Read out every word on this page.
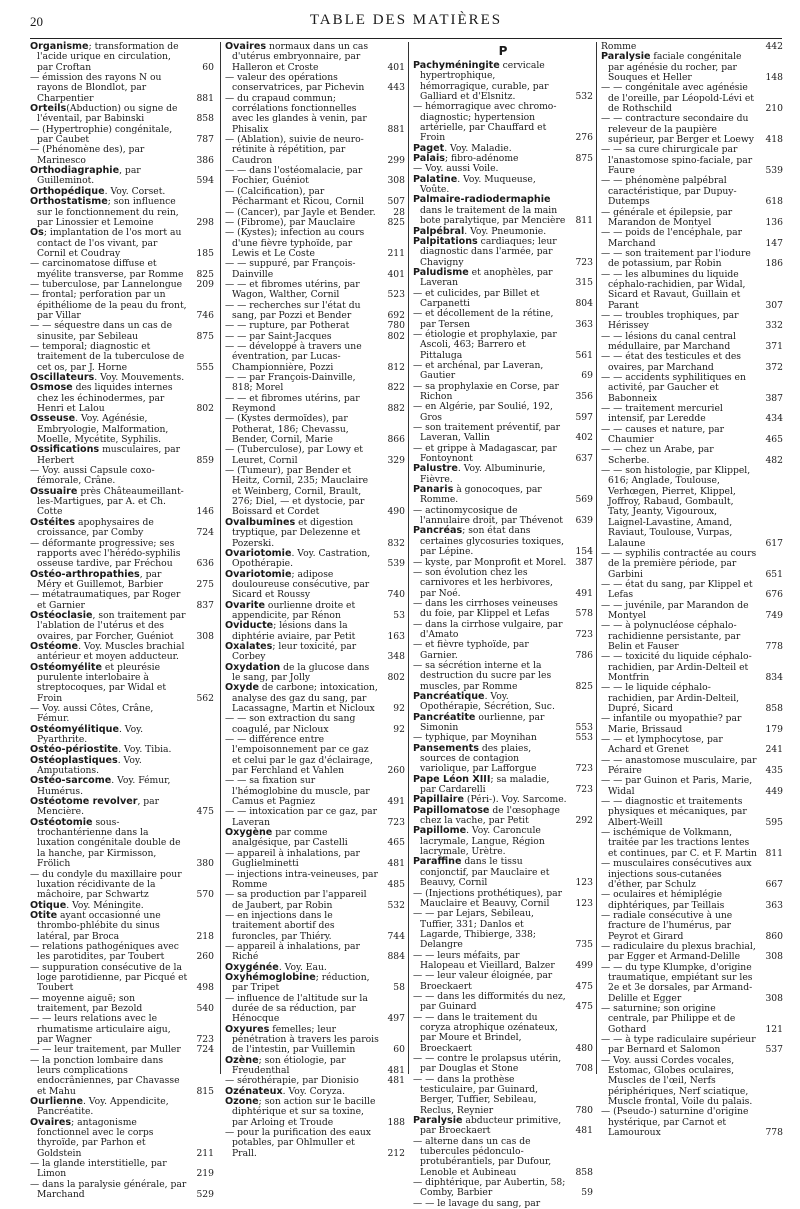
20	TABLE DES MATIÈRES
Organisme; transformation de l'acide urique en circulation, par Croftan	60
— émission des rayons N ou rayons de Blondlot, par Charpentier	881
Orteils(Abduction) ou signe de l'éventail, par Babinski	858
— (Hypertrophie) congénitale, par Caubet	787
— (Phénomène des), par Marinesco	386
Orthodiagraphie, par Guilleminot.	594
Orthopédique. Voy. Corset.
Orthostatisme; son influence sur le fonctionnement du rein, par Linossier et Lemoine	298
Os; implantation de l'os mort au contact de l'os vivant, par Cornil et Coudray	185
— carcinomatose diffuse et myélite transverse, par Romme 825
— tuberculose, par Lannelongue 209
— frontal; perforation par un épithéliome de la peau du front, par Villar	746
— — séquestre dans un cas de sinusite, par Sebileau	875
— temporal; diagnostic et traitement de la tuberculose de cet os, par J. Horne	555
Oscillateurs. Voy. Mouvements.
Osmose des liquides internes chez les échinodermes, par Henri et Lalou	802
Osseuse. Voy. Agénésie, Embryologie, Malformation, Moelle, Mycétite, Syphilis.
Ossifications musculaires, par Herbert	859
— Voy. aussi Capsule coxo-fémorale, Crâne.
Ossuaire près Châteaumeillant-les-Martigues, par A. et Ch. Cotte	146
Ostéites apophysaires de croissance, par Comby	724
— déformante progressive; ses rapports avec l'hérédo-syphilis osseuse tardive, par Fréchou	636
Ostéo-arthropathies, par Méry et Guillemot, Barbier	275
— métatraumatiques, par Roger et Garnier	837
Ostéoclasie, son traitement par l'ablation de l'utérus et des ovaires, par Forcher, Guéniot 308
Ostéome. Voy. Muscles brachial antérieur et moyen adducteur.
Ostéomyélite et pleurésie purulente interlobaire à streptocoques, par Widal et Froin	562
— Voy. aussi Côtes, Crâne, Fémur.
Ostéomyélitique. Voy. Pyarthrite.
Ostéo-périostite. Voy. Tibia.
Ostéoplastiques. Voy. Amputations.
Ostéo-sarcome. Voy. Fémur, Humérus.
Ostéotome revolver, par Mencière.	475
Ostéotomie sous-trochantérienne dans la luxation congénitale double de la hanche, par Kirmisson, Frölich	380
— du condyle du maxillaire pour luxation récidivante de la mâchoire, par Schwartz	570
Otique. Voy. Méningite.
Otite ayant occasionné une thrombo-phlébite du sinus latéral, par Broca	218
— relations pathogéniques avec les parotidites, par Toubert	260
— suppuration consécutive de la loge parotidienne, par Picqué et Toubert	498
— moyenne aiguë; son traitement, par Bezold	540
— — leurs relations avec le rhumatisme articulaire aigu, par Wagner	723
— — leur traitement, par Muller 724
— la ponction lombaire dans leurs complications endocrâniennes, par Chavasse et Mahu	815
Ourlienne. Voy. Appendicite, Pancréatite.
Ovaires; antagonisme fonctionnel avec le corps thyroïde, par Parhon et Goldstein	211
— la glande interstitielle, par Limon	219
— dans la paralysie générale, par Marchand	529
Ovaires normaux dans un cas d'utérus embryonnaire, par Halleron et Croste	401
— valeur des opérations conservatrices, par Pichevin	443
— du crapaud commun; corrélations fonctionnelles avec les glandes à venin, par Phisalix	881
— (Ablation), suivie de neuro-rétinite à répétition, par Caudron	299
— — dans l'ostéomalacie, par Fochier, Guéniot	308
— (Calcification), par Pécharmant et Ricou, Cornil	507
— (Cancer), par Jayle et Bender. 28
— (Fibrome), par Mauclaire	825
— (Kystes); infection au cours d'une fièvre typhoïde, par Lewis et Le Coste	211
— — suppuré, par François-Dainville	401
— — et fibromes utérins, par Wagon, Walther, Cornil	523
— — recherches sur l'état du sang, par Pozzi et Bender	692
— — rupture, par Potherat	780
— — par Saint-Jacques	802
— — développé à travers une éventration, par Lucas-Championnière, Pozzi	812
— — par François-Dainville, 818; Morel	822
— — et fibromes utérins, par Reymond	882
— (Kystes dermoïdes), par Potherat, 186; Chevassu, Bender, Cornil, Marie	866
— (Tuberculose), par Lowy et Leuret, Cornil	329
— (Tumeur), par Bender et Heitz, Cornil, 235; Mauclaire et Weinberg, Cornil, Brault, 276; Diel, — et dystocie, par Boissard et Cordet	490
Ovalbumines et digestion tryptique, par Delezenne et Pozerski.	832
Ovariotomie. Voy. Castration, Opothérapie.	539
Ovariotomie; adipose douloureuse consécutive, par Sicard et Roussy	740
Ovarite ourlienne droite et appendicite, par Rénon	53
Oviducte; lésions dans la diphtérie aviaire, par Petit	163
Oxalates; leur toxicité, par Corbey	348
Oxydation de la glucose dans le sang, par Jolly	802
Oxyde de carbone; intoxication, analyse des gaz du sang, par Lacassagne, Martin et Nicloux 92
— — son extraction du sang coagulé, par Nicloux	92
— — différence entre l'empoisonnement par ce gaz et celui par le gaz d'éclairage, par Ferchland et Vahlen	260
— — sa fixation sur l'hémoglobine du muscle, par Camus et Pagniez	491
— — intoxication par ce gaz, par Laveran	723
Oxygène par comme analgésique, par Castelli	465
— appareil à inhalations, par Guglielminetti	481
— injections intra-veineuses, par Romme	485
— sa production par l'appareil de Jaubert, par Robin	532
— en injections dans le traitement abortif des furoncles, par Thiéry.	744
— appareil à inhalations, par Riché	884
Oxygénée. Voy. Eau.
Oxyhémoglobine; réduction, par Tripet	58
— influence de l'altitude sur la durée de sa réduction, par Hénocque	497
Oxyures femelles; leur pénétration à travers les parois de l'intestin, par Vuillemin	60
Ozène; son étiologie, par Freudenthal	481
— sérothérapie, par Dionisio	481
Ozénateux. Voy. Coryza.
Ozone; son action sur le bacille diphtérique et sur sa toxine, par Arloing et Troude	188
— pour la purification des eaux potables, par Ohlmuller et Prall.	212
P
Pachyméningite cervicale hypertrophique, hémorragique, curable, par Galliard et d'Elsnitz.	532
— hémorragique avec chromo-diagnostic; hypertension artérielle, par Chauffard et Froin	276
Paget. Voy. Maladie.
Palais; fibro-adénome	875
— Voy. aussi Voile.
Palatine. Voy. Muqueuse, Voûte.
Palmaire-radiodermaphie dans le traitement de la main bote paralytique, par Mencière 811
Palpébral. Voy. Pneumonie.
Palpitations cardiaques; leur diagnostic dans l'armée, par Chavigny	723
Paludisme et anophèles, par Laveran	315
— et culicides, par Billet et Carpanetti	804
— et décollement de la rétine, par Tersen	363
— étiologie et prophylaxie, par Ascoli, 463; Barrero et Pittaluga	561
— et archénal, par Laveran, Gautier	69
— sa prophylaxie en Corse, par Richon	356
— en Algérie, par Soulié, 192, Gros	597
— son traitement préventif, par Laveran, Vallin	402
— et grippe à Madagascar, par Fontoynont	637
Palustre. Voy. Albuminurie, Fièvre.
Panaris à gonocoques, par Romme.	569
— actinomycosique de l'annulaire droit, par Thévenot 639
Pancréas; son état dans certaines glycosuries toxiques, par Lépine.	154
— kyste, par Monprofit et Morel. 387
— son évolution chez les carnivores et les herbivores, par Noé.	491
— dans les cirrhoses veineuses du foie, par Klippel et Lefas	578
— dans la cirrhose vulgaire, par d'Amato	723
— et fièvre typhoïde, par Garnier.	786
— sa sécrétion interne et la destruction du sucre par les muscles, par Romme	825
Pancréatique. Voy. Opothérapie, Sécrétion, Suc.
Pancréatite ourlienne, par Simonin	553
— typhique, par Moynihan	553
Pansements des plaies, sources de contagion variolique, par Lafforgue	723
Pape Léon XIII; sa maladie, par Cardarelli	723
Papillaire (Péri-). Voy. Sarcome.
Papillomatose de l'œsophage chez la vache, par Petit	292
Papillome. Voy. Caroncule lacrymale, Langue, Région lacrymale, Urètre.
Paraffine dans le tissu conjonctif, par Mauclaire et Beauvy, Cornil	123
— (Injections prothétiques), par Mauclaire et Beauvy, Cornil	123
— — par Lejars, Sebileau, Tuffier, 331; Danlos et Lagarde, Thibierge, 338; Delangre	735
— — leurs méfaits, par Halopeau et Vieillard, Balzer 499
— — leur valeur éloignée, par Broeckaert	475
— — dans les difformités du nez, par Guinard	475
— — dans le traitement du coryza atrophique ozénateux, par Moure et Brindel, Broeckaert	480
— — contre le prolapsus utérin, par Douglas et Stone	708
— — dans la prothèse testiculaire, par Guinard, Berger, Tuffier, Sebileau, Reclus, Reynier	780
Paralysie abducteur primitive, par Broeckaert	481
— alterne dans un cas de tubercules pédonculo-protubérantiels, par Dufour, Lenoble et Aubineau	858
— diphtérique, par Aubertin, 58; Comby, Barbier	59
— — le lavage du sang, par
Romme	442
Paralysie faciale congénitale par agénésie du rocher, par Souques et Heller	148
— — congénitale avec agénésie de l'oreille, par Léopold-Lévi et de Rothschild	210
— — contracture secondaire du releveur de la paupière supérieur, par Berger et Loewy 418
— — sa cure chirurgicale par l'anastomose spino-faciale, par Faure	539
— — phénomène palpébral caractéristique, par Dupuy-Dutemps	618
— générale et épilepsie, par Marandon de Montyel	136
— — poids de l'encéphale, par Marchand	147
— — son traitement par l'iodure de potassium, par Robin	186
— — les albumines du liquide céphalo-rachidien, par Widal, Sicard et Ravaut, Guillain et Parant	307
— — troubles trophiques, par Hérissey	332
— — lésions du canal central médullaire, par Marchand	371
— — état des testicules et des ovaires, par Marchand	372
— — accidents syphilitiques en activité, par Gaucher et Babonneix	387
— — traitement mercuriel intensif, par Leredde	434
— — causes et nature, par Chaumier	465
— — chez un Arabe, par Scherbe.	482
— — son histologie, par Klippel, 616; Anglade, Toulouse, Verhœgen, Pierret, Klippel, Joffroy, Rabaud, Gombault, Taty, Jeanty, Vigouroux, Laignel-Lavastine, Amand, Raviaut, Toulouse, Vurpas, Lalaune	617
— — syphilis contractée au cours de la première période, par Garbini	651
— — état du sang, par Klippel et Lefas	676
— — juvénile, par Marandon de Montyel	749
— — à polynucléose céphalo-rachidienne persistante, par Belin et Fauser	778
— — toxicité du liquide céphalo-rachidien, par Ardin-Delteil et Montfrin	834
— — le liquide céphalo-rachidien, par Ardin-Delteil, Dupré, Sicard	858
— infantile ou myopathie? par Marie, Brissaud	179
— — et lymphocytose, par Achard et Grenet	241
— — anastomose musculaire, par Péraire	435
— — par Guinon et Paris, Marie, Widal	449
— — diagnostic et traitements physiques et mécaniques, par Albert-Weill	595
— ischémique de Volkmann, traitée par les tractions lentes et continues, par C. et F. Martin 811
— musculaires consécutives aux injections sous-cutanées d'éther, par Schulz	667
— oculaires et hémiplégie diphtériques, par Teillais	363
— radiale consécutive à une fracture de l'humérus, par Peyrot et Girard	860
— radiculaire du plexus brachial, par Egger et Armand-Delille	308
— — du type Klumpke, d'origine traumatique, empiétant sur les 2e et 3e dorsales, par Armand-Delille et Egger	308
— saturnine; son origine centrale, par Philippe et de Gothard	121
— — à type radiculaire supérieur par Bernard et Salomon	537
— Voy. aussi Cordes vocales, Estomac, Globes oculaires, Muscles de l'œil, Nerfs périphériques, Nerf sciatique, Muscle frontal, Voile du palais.
— (Pseudo-) saturnine d'origine hystérique, par Carnot et Lamouroux	778
